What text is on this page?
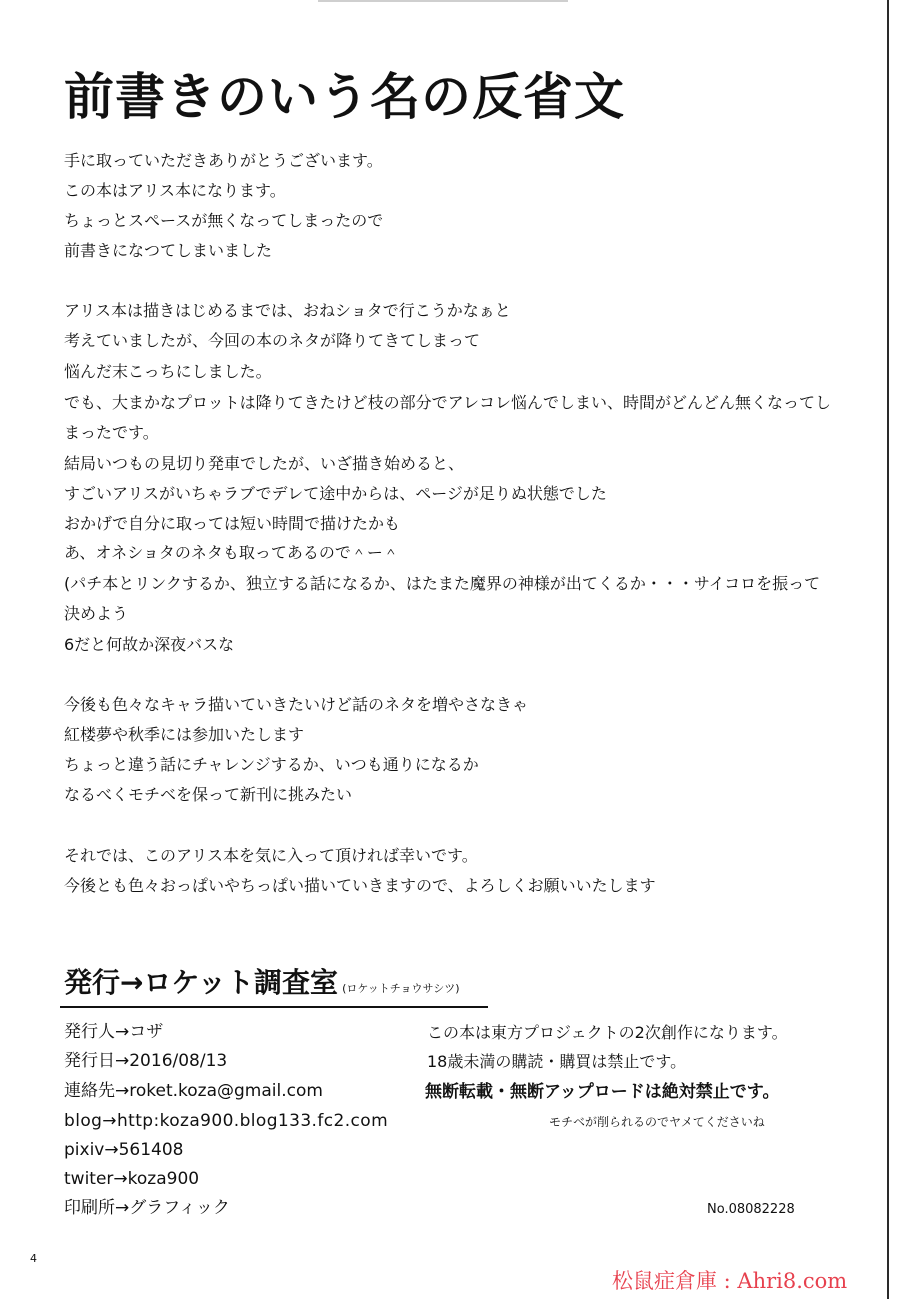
前書きのいう名の反省文
手に取っていただきありがとうございます。
この本はアリス本になります。
ちょっとスペースが無くなってしまったので
前書きになつてしまいました
アリス本は描きはじめるまでは、おねショタで行こうかなぁと
考えていましたが、今回の本のネタが降りてきてしまって
悩んだ末こっちにしました。
でも、大まかなプロットは降りてきたけど枝の部分でアレコレ悩んでしまい、時間がどんどん無くなってし
まったです。
結局いつもの見切り発車でしたが、いざ描き始めると、
すごいアリスがいちゃラブでデレて途中からは、ページが足りぬ状態でした
おかげで自分に取っては短い時間で描けたかも
あ、オネショタのネタも取ってあるので＾ー＾
(パチ本とリンクするか、独立する話になるか、はたまた魔界の神様が出てくるか・・・サイコロを振って
決めよう
6だと何故か深夜バスな
今後も色々なキャラ描いていきたいけど話のネタを増やさなきゃ
紅楼夢や秋季には参加いたします
ちょっと違う話にチャレンジするか、いつも通りになるか
なるべくモチベを保って新刊に挑みたい
それでは、このアリス本を気に入って頂ければ幸いです。
今後とも色々おっぱいやちっぱい描いていきますので、よろしくお願いいたします
発行→ロケット調査室 (ロケットチョウサシツ)
発行人→コザ
発行日→2016/08/13
連絡先→roket.koza@gmail.com
blog→http:koza900.blog133.fc2.com
pixiv→561408
twiter→koza900
印刷所→グラフィック
この本は東方プロジェクトの2次創作になります。
18歳未満の購読・購買は禁止です。
無断転載・無断アップロードは絶対禁止です。
モチベが削られるのでヤメてくださいね
No.08082228
4
松鼠症倉庫 : Ahri8.com
